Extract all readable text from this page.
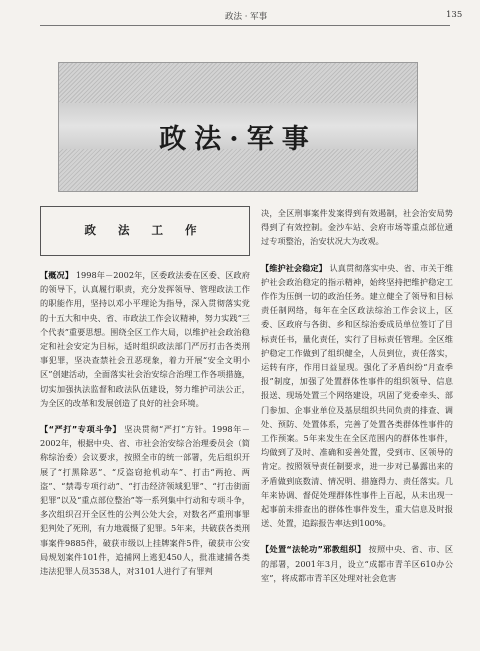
政法 · 军事	135
政法·军事
政 法 工 作

【概况】 1998年－2002年，区委政法委在区委、区政府的领导下，认真履行职责，充分发挥领导、管理政法工作的职能作用，坚持以邓小平理论为指导，深入贯彻落实党的十五大和中央、省、市政法工作会议精神，努力实践“三个代表”重要思想。围绕全区工作大局，以维护社会政治稳定和社会安定为目标，适时组织政法部门严厉打击各类刑事犯罪，坚决查禁社会丑恶现象，着力开展“安全文明小区”创建活动，全面落实社会治安综合治理工作各项措施，切实加强执法监督和政法队伍建设，努力维护司法公正，为全区的改革和发展创造了良好的社会环境。

【“严打”专项斗争】 坚决贯彻“严打”方针。1998年－2002年，根据中央、省、市社会治安综合治理委员会（简称综治委）会议要求，按照全市的统一部署，先后组织开展了“打黑除恶”、“反盗窃抢机动车”、打击“两抢、两盗”、“禁毒专项行动”、“打击经济领域犯罪”、“打击街面犯罪”以及“重点部位整治”等一系列集中行动和专项斗争，多次组织召开全区性的公判公处大会，对数名严重刑事罪犯判处了死刑，有力地震慑了犯罪。5年来，共破获各类刑事案件9885件，破获市级以上挂牌案件5件，破获市公安局规划案件101件，追捕网上逃犯450人，批准逮捕各类违法犯罪人员3538人，对3101人进行了有罪判

决，全区刑事案件发案得到有效遏制，社会治安局势得到了有效控制。金沙车站、会府市场等重点部位通过专项整治，治安状况大为改观。

【维护社会稳定】 认真贯彻落实中央、省、市关于维护社会政治稳定的指示精神，始终坚持把维护稳定工作作为压倒一切的政治任务。建立健全了领导和目标责任制网络，每年在全区政法综治工作会议上，区委、区政府与各街、乡和区综治委成员单位签订了目标责任书，量化责任，实行了目标责任管理。全区维护稳定工作做到了组织健全，人员到位，责任落实，运转有序，作用日益显现。强化了矛盾纠纷“月查季报”制度，加强了处置群体性事件的组织领导、信息报送、现场处置三个网络建设，巩固了党委牵头、部门参加、企事业单位及基层组织共同负责的排查、调处、预防、处置体系，完善了处置各类群体性事件的工作预案。5年来发生在全区范围内的群体性事件，均做到了及时、准确和妥善处置，受到市、区领导的肯定。按照领导责任制要求，进一步对已暴露出来的矛盾做到底数清、情况明、措施得力、责任落实。几年来协调、督促处理群体性事件上百起，从未出现一起事前未排查出的群体性事件发生，重大信息及时报送、处置，追踪报告率达到100%。

【处置“法轮功”邪教组织】 按照中央、省、市、区的部署，2001年3月，设立“成都市青羊区610办公室”，将成都市青羊区处理对社会危害
